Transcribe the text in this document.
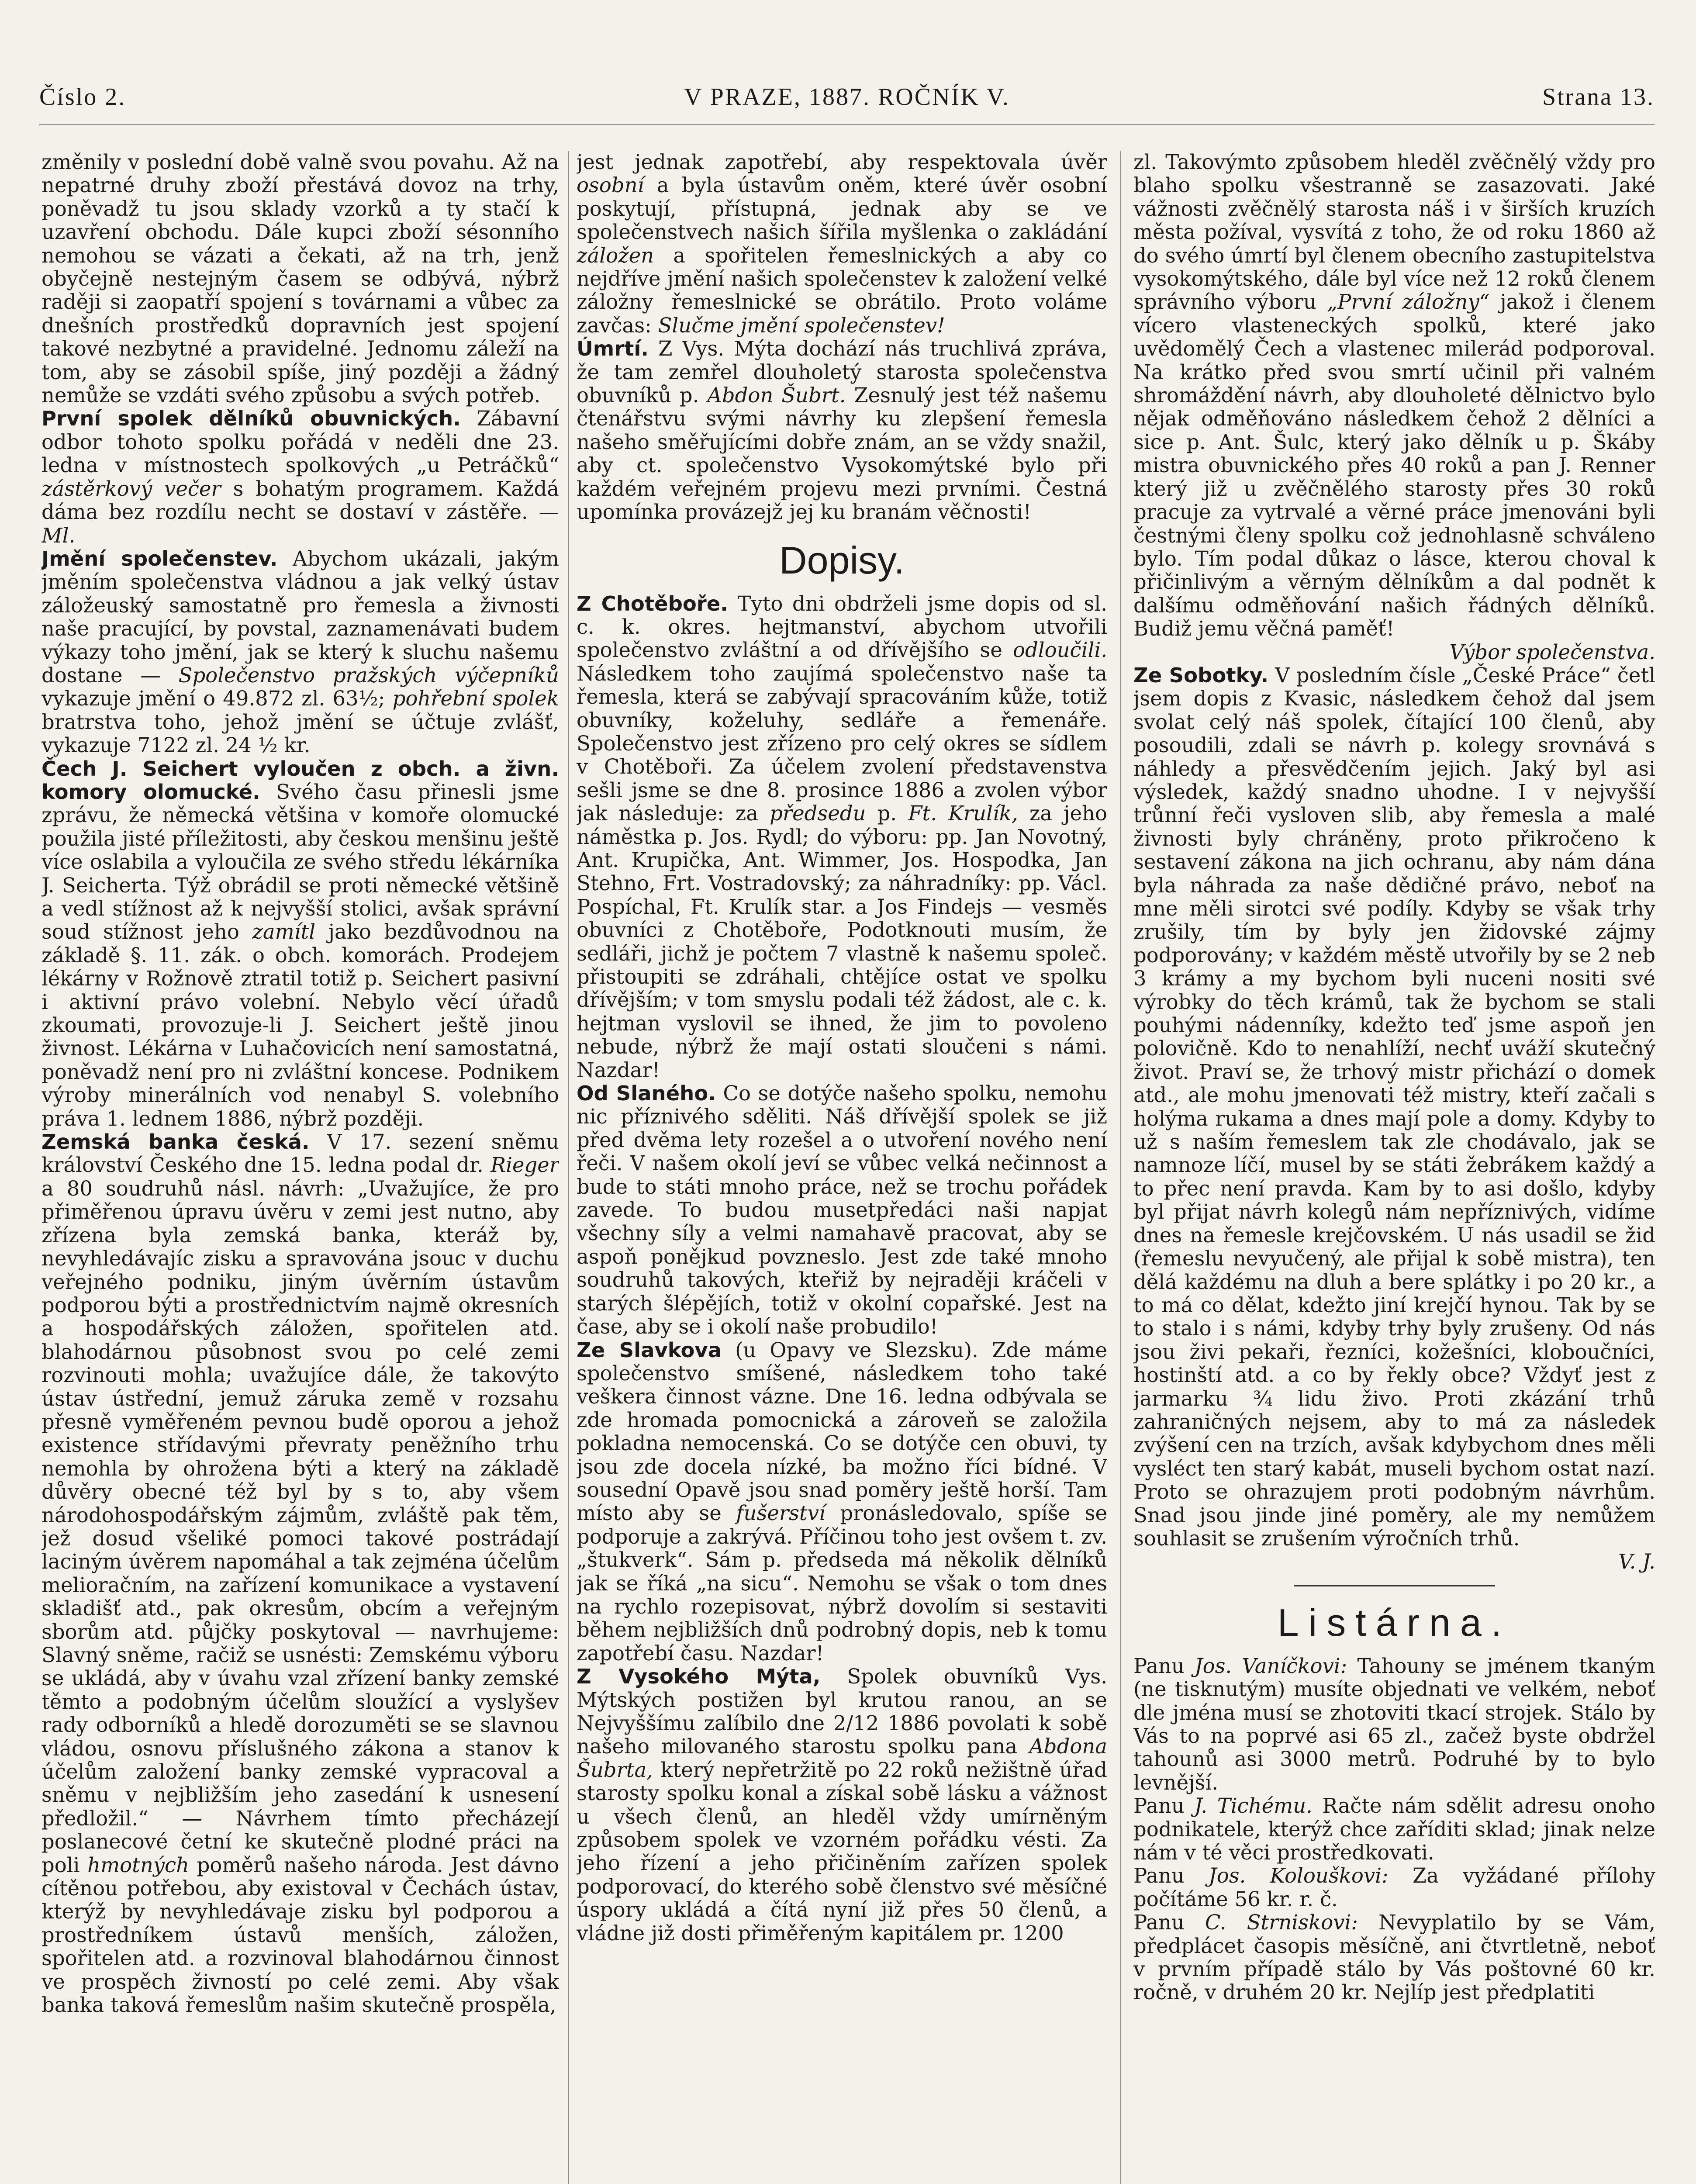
Číslo 2.	V PRAZE, 1887. ROČNÍK V.	Strana 13.

změnily v poslední době valně svou povahu. Až na nepatrné druhy zboží přestává dovoz na trhy, poněvadž tu jsou sklady vzorků a ty stačí k uzavření obchodu. Dále kupci zboží sésonního nemohou se vázati a čekati, až na trh, jenž obyčejně nestejným časem se odbývá, nýbrž raději si zaopatří spojení s továrnami a vůbec za dnešních prostředků dopravních jest spojení takové nezbytné a pravidelné. Jednomu záleží na tom, aby se zásobil spíše, jiný později a žádný nemůže se vzdáti svého způsobu a svých potřeb.

První spolek dělníků obuvnických. Zábavní odbor tohoto spolku pořádá v neděli dne 23. ledna v místnostech spolkových „u Petráčků“ zástěrkový večer s bohatým programem. Každá dáma bez rozdílu necht se dostaví v zástěře. — Ml.

Jmění společenstev. Abychom ukázali, jakým jměním společenstva vládnou a jak velký ústav záložeuský samostatně pro řemesla a živnosti naše pracující, by povstal, zaznamenávati budem výkazy toho jmění, jak se který k sluchu našemu dostane — Společenstvo pražských výčepníků vykazuje jmění o 49.872 zl. 63½; pohřební spolek bratrstva toho, jehož jmění se účtuje zvlášť, vykazuje 7122 zl. 24 ½ kr.

Čech J. Seichert vyloučen z obch. a živn. komory olomucké. Svého času přinesli jsme zprávu, že německá většina v komoře olomucké použila jisté příležitosti, aby českou menšinu ještě více oslabila a vyloučila ze svého středu lékárníka J. Seicherta. Týž obrádil se proti německé většině a vedl stížnost až k nejvyšší stolici, avšak správní soud stížnost jeho zamítl jako bezdůvodnou na základě §. 11. zák. o obch. komorách. Prodejem lékárny v Rožnově ztratil totiž p. Seichert pasivní i aktivní právo volební. Nebylo věcí úřadů zkoumati, provozuje-li J. Seichert ještě jinou živnost. Lékárna v Luhačovicích není samostatná, poněvadž není pro ni zvláštní koncese. Podnikem výroby minerálních vod nenabyl S. volebního práva 1. lednem 1886, nýbrž později.

Zemská banka česká. V 17. sezení sněmu království Českého dne 15. ledna podal dr. Rieger a 80 soudruhů násl. návrh: „Uvažujíce, že pro přiměřenou úpravu úvěru v zemi jest nutno, aby zřízena byla zemská banka, kteráž by, nevyhledávajíc zisku a spravována jsouc v duchu veřejného podniku, jiným úvěrním ústavům podporou býti a prostřednictvím najmě okresních a hospodářských záložen, spořitelen atd. blahodárnou působnost svou po celé zemi rozvinouti mohla; uvažujíce dále, že takovýto ústav ústřední, jemuž záruka země v rozsahu přesně vyměřeném pevnou budě oporou a jehož existence střídavými převraty peněžního trhu nemohla by ohrožena býti a který na základě důvěry obecné též byl by s to, aby všem národohospodářským zájmům, zvláště pak těm, jež dosud všeliké pomoci takové postrádají laciným úvěrem napomáhal a tak zejména účelům melioračním, na zařízení komunikace a vystavení skladišť atd., pak okresům, obcím a veřejným sborům atd. půjčky poskytoval — navrhujeme: Slavný sněme, račiž se usnésti: Zemskému výboru se ukládá, aby v úvahu vzal zřízení banky zemské těmto a podobným účelům sloužící a vyslyšev rady odborníků a hledě dorozuměti se se slavnou vládou, osnovu příslušného zákona a stanov k účelům založení banky zemské vypracoval a sněmu v nejbližším jeho zasedání k usnesení předložil.“ — Návrhem tímto přecházejí poslanecové četní ke skutečně plodné práci na poli hmotných poměrů našeho národa. Jest dávno cítěnou potřebou, aby existoval v Čechách ústav, kterýž by nevyhledávaje zisku byl podporou a prostředníkem ústavů menších, záložen, spořitelen atd. a rozvinoval blahodárnou činnost ve prospěch živností po celé zemi. Aby však banka taková řemeslům našim skutečně prospěla,

jest jednak zapotřebí, aby respektovala úvěr osobní a byla ústavům oněm, které úvěr osobní poskytují, přístupná, jednak aby se ve společenstvech našich šířila myšlenka o zakládání záložen a spořitelen řemeslnických a aby co nejdříve jmění našich společenstev k založení velké záložny řemeslnické se obrátilo. Proto voláme zavčas: Slučme jmění společenstev!

Úmrtí. Z Vys. Mýta dochází nás truchlivá zpráva, že tam zemřel dlouholetý starosta společenstva obuvníků p. Abdon Šubrt. Zesnulý jest též našemu čtenářstvu svými návrhy ku zlepšení řemesla našeho směřujícími dobře znám, an se vždy snažil, aby ct. společenstvo Vysokomýtské bylo při každém veřejném projevu mezi prvními. Čestná upomínka provázejž jej ku branám věčnosti!

Dopisy.

Z Chotěboře. Tyto dni obdrželi jsme dopis od sl. c. k. okres. hejtmanství, abychom utvořili společenstvo zvláštní a od dřívějšího se odloučili. Následkem toho zaujímá společenstvo naše ta řemesla, která se zabývají spracováním kůže, totiž obuvníky, koželuhy, sedláře a řemenáře. Společenstvo jest zřízeno pro celý okres se sídlem v Chotěboři. Za účelem zvolení představenstva sešli jsme se dne 8. prosince 1886 a zvolen výbor jak následuje: za předsedu p. Ft. Krulík, za jeho náměstka p. Jos. Rydl; do výboru: pp. Jan Novotný, Ant. Krupička, Ant. Wimmer, Jos. Hospodka, Jan Stehno, Frt. Vostradovský; za náhradníky: pp. Václ. Pospíchal, Ft. Krulík star. a Jos Findejs — vesměs obuvníci z Chotěboře, Podotknouti musím, že sedláři, jichž je počtem 7 vlastně k našemu společ. přistoupiti se zdráhali, chtějíce ostat ve spolku dřívějším; v tom smyslu podali též žádost, ale c. k. hejtman vyslovil se ihned, že jim to povoleno nebude, nýbrž že mají ostati sloučeni s námi. Nazdar!

Od Slaného. Co se dotýče našeho spolku, nemohu nic příznivého sděliti. Náš dřívější spolek se již před dvěma lety rozešel a o utvoření nového není řeči. V našem okolí jeví se vůbec velká nečinnost a bude to státi mnoho práce, než se trochu pořádek zavede. To budou musetpředáci naši napjat všechny síly a velmi namahavě pracovat, aby se aspoň ponějkud povzneslo. Jest zde také mnoho soudruhů takových, kteřiž by nejraději kráčeli v starých šlépějích, totiž v okolní copařské. Jest na čase, aby se i okolí naše probudilo!

Ze Slavkova (u Opavy ve Slezsku). Zde máme společenstvo smíšené, následkem toho také veškera činnost vázne. Dne 16. ledna odbývala se zde hromada pomocnická a zároveň se založila pokladna nemocenská. Co se dotýče cen obuvi, ty jsou zde docela nízké, ba možno říci bídné. V sousední Opavě jsou snad poměry ještě horší. Tam místo aby se fušerství pronásledovalo, spíše se podporuje a zakrývá. Příčinou toho jest ovšem t. zv. „štukverk“. Sám p. předseda má několik dělníků jak se říká „na sicu“. Nemohu se však o tom dnes na rychlo rozepisovat, nýbrž dovolím si sestaviti během nejbližších dnů podrobný dopis, neb k tomu zapotřebí času. Nazdar!

Z Vysokého Mýta, Spolek obuvníků Vys. Mýtských postižen byl krutou ranou, an se Nejvyššímu zalíbilo dne 2/12 1886 povolati k sobě našeho milovaného starostu spolku pana Abdona Šubrta, který nepřetržitě po 22 roků nežištně úřad starosty spolku konal a získal sobě lásku a vážnost u všech členů, an hleděl vždy umírněným způsobem spolek ve vzorném pořádku vésti. Za jeho řízení a jeho přičiněním zařízen spolek podporovací, do kterého sobě členstvo své měsíčné úspory ukládá a čítá nyní již přes 50 členů, a vládne již dosti přiměřeným kapitálem pr. 1200

zl. Takovýmto způsobem hleděl zvěčnělý vždy pro blaho spolku všestranně se zasazovati. Jaké vážnosti zvěčnělý starosta náš i v širších kruzích města požíval, vysvítá z toho, že od roku 1860 až do svého úmrtí byl členem obecního zastupitelstva vysokomýtského, dále byl více než 12 roků členem správního výboru „První záložny“ jakož i členem vícero vlasteneckých spolků, které jako uvědomělý Čech a vlastenec milerád podporoval. Na krátko před svou smrtí učinil při valném shromáždění návrh, aby dlouholeté dělnictvo bylo nějak odměňováno následkem čehož 2 dělníci a sice p. Ant. Šulc, který jako dělník u p. Škáby mistra obuvnického přes 40 roků a pan J. Renner který již u zvěčnělého starosty přes 30 roků pracuje za vytrvalé a věrné práce jmenováni byli čestnými členy spolku což jednohlasně schváleno bylo. Tím podal důkaz o lásce, kterou choval k přičinlivým a věrným dělníkům a dal podnět k dalšímu odměňování našich řádných dělníků. Budiž jemu věčná paměť!

Výbor společenstva.

Ze Sobotky. V posledním čísle „České Práce“ četl jsem dopis z Kvasic, následkem čehož dal jsem svolat celý náš spolek, čítající 100 členů, aby posoudili, zdali se návrh p. kolegy srovnává s náhledy a přesvědčením jejich. Jaký byl asi výsledek, každý snadno uhodne. I v nejvyšší trůnní řeči vysloven slib, aby řemesla a malé živnosti byly chráněny, proto přikročeno k sestavení zákona na jich ochranu, aby nám dána byla náhrada za naše dědičné právo, neboť na mne měli sirotci své podíly. Kdyby se však trhy zrušily, tím by byly jen židovské zájmy podporovány; v každém městě utvořily by se 2 neb 3 krámy a my bychom byli nuceni nositi své výrobky do těch krámů, tak že bychom se stali pouhými nádenníky, kdežto teď jsme aspoň jen polovičně. Kdo to nenahlíží, nechť uváží skutečný život. Praví se, že trhový mistr přichází o domek atd., ale mohu jmenovati též mistry, kteří začali s holýma rukama a dnes mají pole a domy. Kdyby to už s naším řemeslem tak zle chodávalo, jak se namnoze líčí, musel by se státi žebrákem každý a to přec není pravda. Kam by to asi došlo, kdyby byl přijat návrh kolegů nám nepříznivých, vidíme dnes na řemesle krejčovském. U nás usadil se žid (řemeslu nevyučený, ale přijal k sobě mistra), ten dělá každému na dluh a bere splátky i po 20 kr., a to má co dělat, kdežto jiní krejčí hynou. Tak by se to stalo i s námi, kdyby trhy byly zrušeny. Od nás jsou živi pekaři, řezníci, kožešníci, kloboučníci, hostinští atd. a co by řekly obce? Vždyť jest z jarmarku ¾ lidu živo. Proti zkázání trhů zahraničných nejsem, aby to má za následek zvýšení cen na trzích, avšak kdybychom dnes měli vysléct ten starý kabát, museli bychom ostat nazí. Proto se ohrazujem proti podobným návrhům. Snad jsou jinde jiné poměry, ale my nemůžem souhlasit se zrušením výročních trhů.

V. J.

Listárna.

Panu Jos. Vaníčkovi: Tahouny se jménem tkaným (ne tisknutým) musíte objednati ve velkém, neboť dle jména musí se zhotoviti tkací strojek. Stálo by Vás to na poprvé asi 65 zl., začež byste obdržel tahounů asi 3000 metrů. Podruhé by to bylo levnější.

Panu J. Tichému. Račte nám sdělit adresu onoho podnikatele, kterýž chce zaříditi sklad; jinak nelze nám v té věci prostředkovati.

Panu Jos. Kolouškovi: Za vyžádané přílohy počítáme 56 kr. r. č.

Panu C. Strniskovi: Nevyplatilo by se Vám, předplácet časopis měsíčně, ani čtvrtletně, neboť v prvním případě stálo by Vás poštovné 60 kr. ročně, v druhém 20 kr. Nejlíp jest předplatiti
